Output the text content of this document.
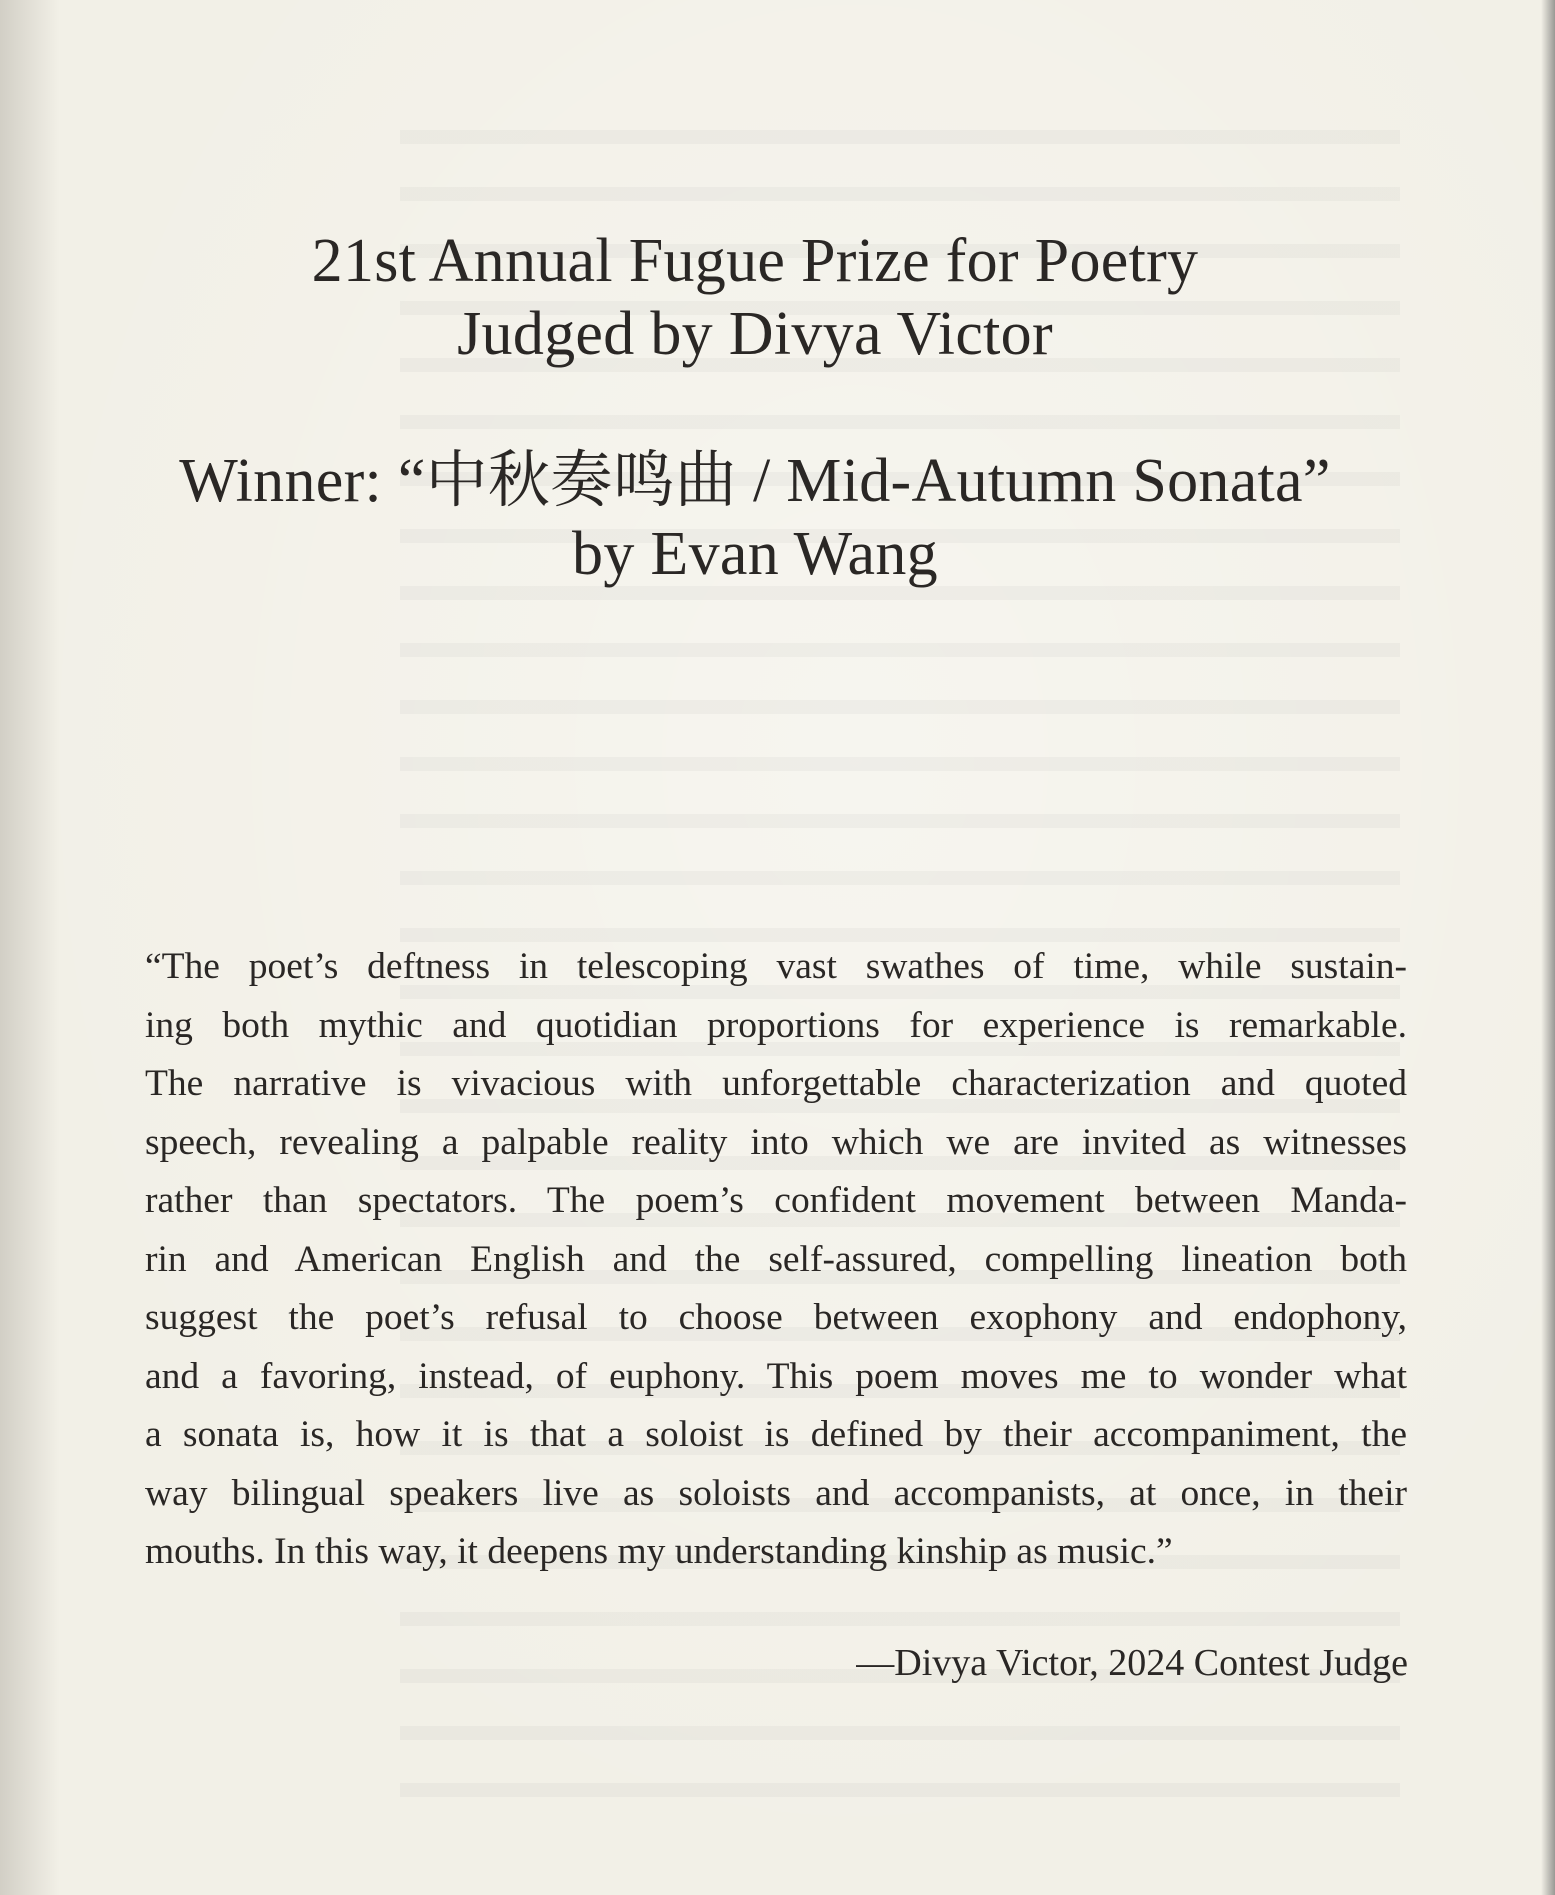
21st Annual Fugue Prize for Poetry
Judged by Divya Victor
Winner: “中秋奏鸣曲 / Mid-Autumn Sonata”
by Evan Wang
“The poet’s deftness in telescoping vast swathes of time, while sustain-
ing both mythic and quotidian proportions for experience is remarkable.
The narrative is vivacious with unforgettable characterization and quoted
speech, revealing a palpable reality into which we are invited as witnesses
rather than spectators. The poem’s confident movement between Manda-
rin and American English and the self-assured, compelling lineation both
suggest the poet’s refusal to choose between exophony and endophony,
and a favoring, instead, of euphony. This poem moves me to wonder what
a sonata is, how it is that a soloist is defined by their accompaniment, the
way bilingual speakers live as soloists and accompanists, at once, in their
mouths. In this way, it deepens my understanding kinship as music.”
—Divya Victor, 2024 Contest Judge
